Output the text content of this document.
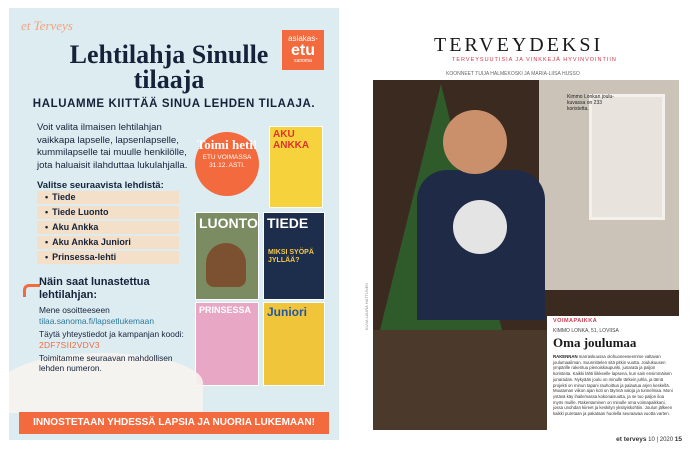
et Terveys
asiakas-
etu
sanoma
Lehtilahja Sinulle tilaaja
HALUAMME KIITTÄÄ SINUA LEHDEN TILAAJA.
Voit valita ilmaisen lehtilahjan vaikkapa lapselle, lapsenlapselle, kummilapselle tai muulle henkilölle, jota haluaisit ilahduttaa lukulahjalla.
Valitse seuraavista lehdistä:
• Tiede
• Tiede Luonto
• Aku Ankka
• Aku Ankka Juniori
• Prinsessa-lehti
Toimi heti!
ETU VOIMASSA 31.12. ASTI.
AKU ANKKA
LUONTO TIEDE
MIKSI SYÖPÄ JYLLÄÄ?
PRINSESSA Juniori
Näin saat lunastettua lehtilahjan:
Mene osoitteeseen
tilaa.sanoma.fi/lapsetlukemaan
Täytä yhteystiedot ja kampanjan koodi:
2DF7SII2VDV3
Toimitamme seuraavan mahdollisen lehden numeron.
INNOSTETAAN YHDESSÄ LAPSIA JA NUORIA LUKEMAAN!
TERVEYDEKSI
TERVEYSUUTISIA JA VINKKEJÄ HYVINVOINTIIN
KOONNEET TUIJA HALMEKOSKI JA MARIA-LIISA HUSSO
Kimmo Lonkan joulu-kuvassa on 233 koristetta.
VOIMAPAIKKA
KIMMO LONKA, 51, LOVIISA
Oma joulumaa
RAKENNAN marraskuussa olohuoneeseemme valtavan joulumaailman. Suunnittelen sitä pitkin vuotta. Joulukuusen ympärille rakentuu pienoiskaupunki, junarata ja paljon koristeita. Kaikki lähti liikkeelle lapsena, kun sain ensimmäisen junaradan. Nykyään joulu on minulle tärkein juhla, ja tämä projekti on minun tapani rauhoittua ja palautua arjen keskellä. Muutaman viikon ajan koti on täynnä valoja ja tunnelmaa. Moni ystävä käy ihailemassa kokonaisuutta, ja se tuo paljon iloa myös muille. Rakentaminen on minulle oma voimapaikkani, jossa unohdan kiireet ja keskityn yksityiskohtiin. Joulun jälkeen kaikki puretaan ja pakataan huolella seuraavaa vuotta varten.
KUVA LAURA HATTUNEN
et terveys 10 | 2020 15
